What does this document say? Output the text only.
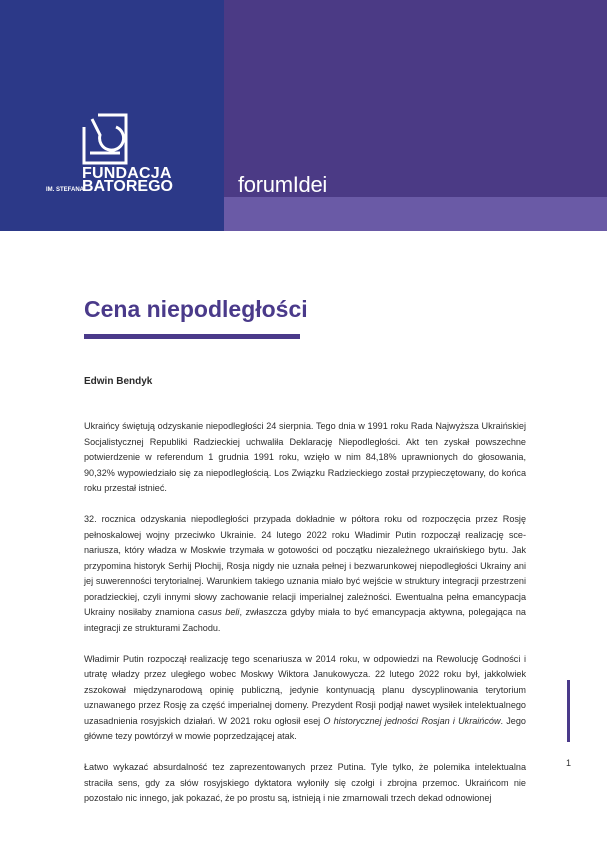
FUNDACJA
IM. STEFANA
BATOREGO	forumIdei
Cena niepodległości
Edwin Bendyk

Ukraińcy świętują odzyskanie niepodległości 24 sierpnia. Tego dnia w 1991 roku Rada Najwyższa Ukraińskiej Socjalistycznej Republiki Radzieckiej uchwaliła Deklarację Niepodległości. Akt ten zyskał powszechne potwierdzenie w referendum 1 grudnia 1991 roku, wzięło w nim 84,18% uprawnionych do głosowania, 90,32% wypowiedziało się za niepodległością. Los Związku Radzieckiego został przypieczętowany, do końca roku przestał istnieć.

32. rocznica odzyskania niepodległości przypada dokładnie w półtora roku od rozpoczęcia przez Rosję pełnoskalowej wojny przeciwko Ukrainie. 24 lutego 2022 roku Władimir Putin rozpoczął realizację scenariusza, który władza w Moskwie trzymała w gotowości od początku niezależnego ukraińskiego bytu. Jak przypomina historyk Serhij Płochij, Rosja nigdy nie uznała pełnej i bezwarunkowej niepodległości Ukrainy ani jej suwerenności terytorialnej. Warunkiem takiego uznania miało być wejście w struktury integracji przestrzeni poradzieckiej, czyli innymi słowy zachowanie relacji imperialnej zależności. Ewentualna pełna emancypacja Ukrainy nosiłaby znamiona casus beli, zwłaszcza gdyby miała to być emancypacja aktywna, polegająca na integracji ze strukturami Zachodu.

Władimir Putin rozpoczął realizację tego scenariusza w 2014 roku, w odpowiedzi na Rewolucję Godności i utratę władzy przez uległego wobec Moskwy Wiktora Janukowycza. 22 lutego 2022 roku był, jakkolwiek zszokował międzynarodową opinię publiczną, jedynie kontynuacją planu dyscyplinowania terytorium uznawanego przez Rosję za część imperialnej domeny. Prezydent Rosji podjął nawet wysiłek intelektualnego uzasadnienia rosyjskich działań. W 2021 roku ogłosił esej O historycznej jedności Rosjan i Ukraińców. Jego główne tezy powtórzył w mowie poprzedzającej atak.

Łatwo wykazać absurdalność tez zaprezentowanych przez Putina. Tyle tylko, że polemika intelektualna straciła sens, gdy za słów rosyjskiego dyktatora wyłoniły się czołgi i zbrojna przemoc. Ukraińcom nie pozostało nic innego, jak pokazać, że po prostu są, istnieją i nie zmarnowali trzech dekad odnowionej

1
